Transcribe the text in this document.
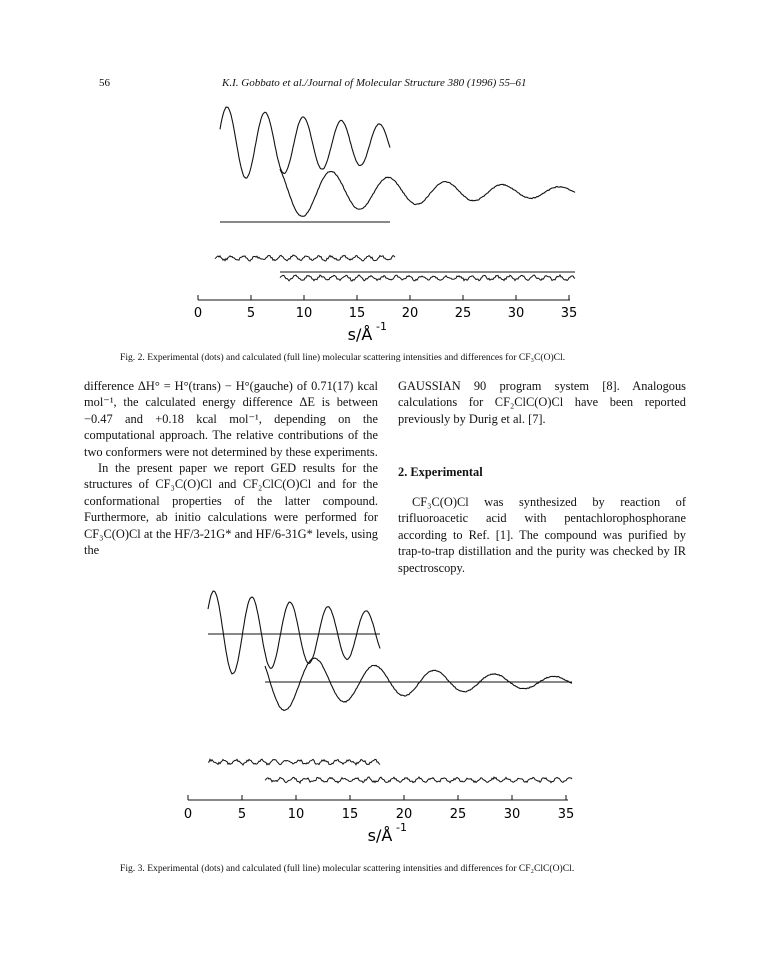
56	K.I. Gobbato et al./Journal of Molecular Structure 380 (1996) 55–61
0	5	10	15	20	25	30	35
s/Å -1
Fig. 2. Experimental (dots) and calculated (full line) molecular scattering intensities and differences for CF₃C(O)Cl.

difference ΔH° = H°(trans) − H°(gauche) of 0.71(17) kcal mol⁻¹, the calculated energy difference ΔE is between −0.47 and +0.18 kcal mol⁻¹, depending on the computational approach. The relative contributions of the two conformers were not determined by these experiments.

In the present paper we report GED results for the structures of CF₃C(O)Cl and CF₂ClC(O)Cl and for the conformational properties of the latter compound. Furthermore, ab initio calculations were performed for CF₃C(O)Cl at the HF/3-21G* and HF/6-31G* levels, using the

GAUSSIAN 90 program system [8]. Analogous calculations for CF₂ClC(O)Cl have been reported previously by Durig et al. [7].

2. Experimental

CF₃C(O)Cl was synthesized by reaction of trifluoroacetic acid with pentachlorophosphorane according to Ref. [1]. The compound was purified by trap-to-trap distillation and the purity was checked by IR spectroscopy.

0	5	10	15	20	25	30	35
s/Å -1
Fig. 3. Experimental (dots) and calculated (full line) molecular scattering intensities and differences for CF₂ClC(O)Cl.
